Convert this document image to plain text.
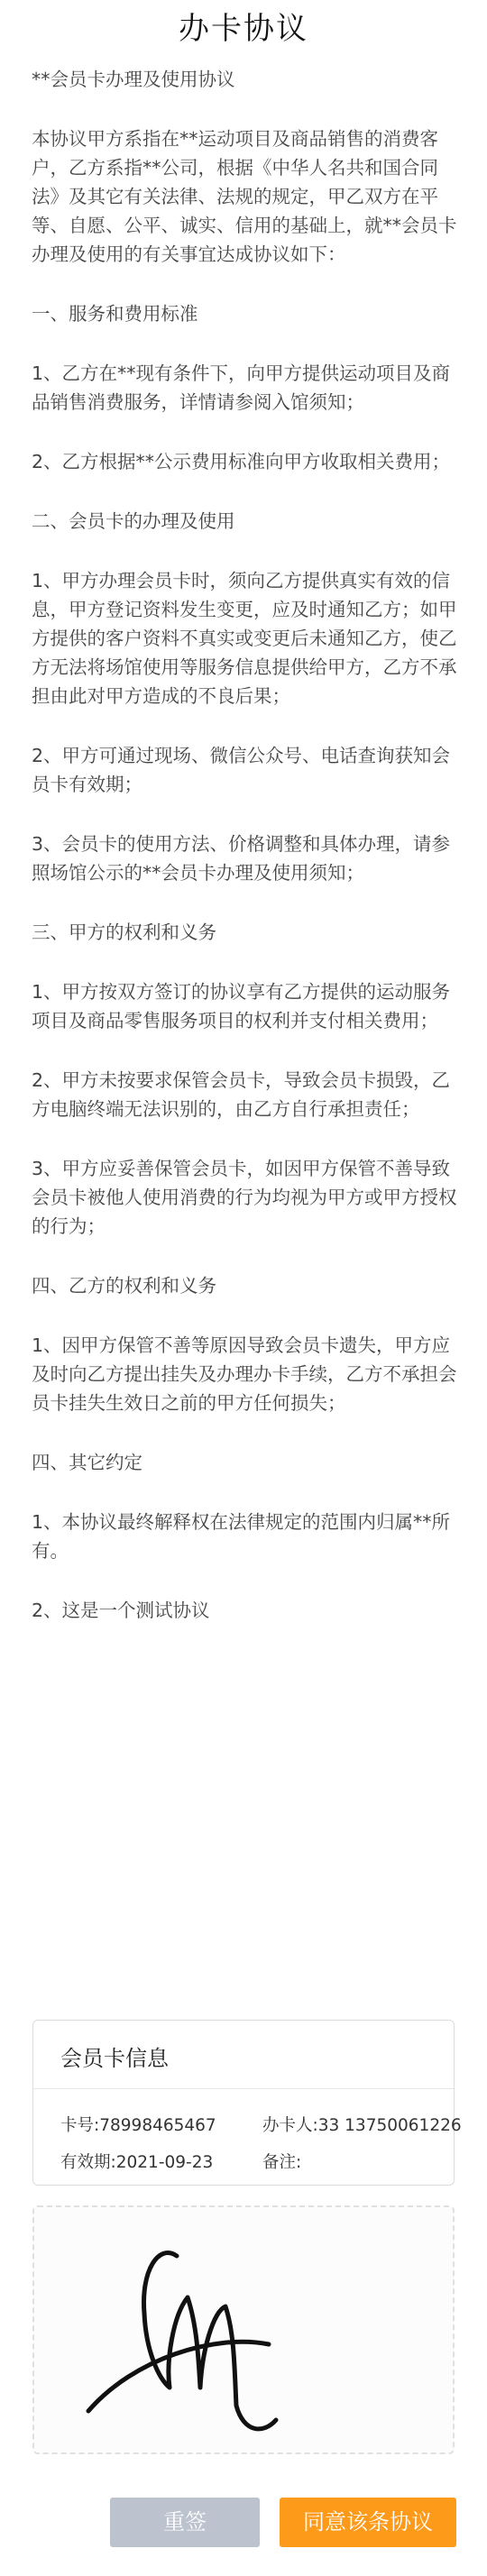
办卡协议

**会员卡办理及使用协议

本协议甲方系指在**运动项目及商品销售的消费客户，乙方系指**公司，根据《中华人名共和国合同法》及其它有关法律、法规的规定，甲乙双方在平等、自愿、公平、诚实、信用的基础上，就**会员卡办理及使用的有关事宜达成协议如下：

一、服务和费用标准

1、乙方在**现有条件下，向甲方提供运动项目及商品销售消费服务，详情请参阅入馆须知；

2、乙方根据**公示费用标准向甲方收取相关费用；

二、会员卡的办理及使用

1、甲方办理会员卡时，须向乙方提供真实有效的信息，甲方登记资料发生变更，应及时通知乙方；如甲方提供的客户资料不真实或变更后未通知乙方，使乙方无法将场馆使用等服务信息提供给甲方，乙方不承担由此对甲方造成的不良后果；

2、甲方可通过现场、微信公众号、电话查询获知会员卡有效期；

3、会员卡的使用方法、价格调整和具体办理，请参照场馆公示的**会员卡办理及使用须知；

三、甲方的权利和义务

1、甲方按双方签订的协议享有乙方提供的运动服务项目及商品零售服务项目的权利并支付相关费用；

2、甲方未按要求保管会员卡，导致会员卡损毁，乙方电脑终端无法识别的，由乙方自行承担责任；

3、甲方应妥善保管会员卡，如因甲方保管不善导致会员卡被他人使用消费的行为均视为甲方或甲方授权的行为；

四、乙方的权利和义务

1、因甲方保管不善等原因导致会员卡遗失，甲方应及时向乙方提出挂失及办理办卡手续，乙方不承担会员卡挂失生效日之前的甲方任何损失；

四、其它约定

1、本协议最终解释权在法律规定的范围内归属**所有。

2、这是一个测试协议

会员卡信息
卡号:78998465467	办卡人:33 13750061226
有效期:2021-09-23	备注:
重签	同意该条协议
